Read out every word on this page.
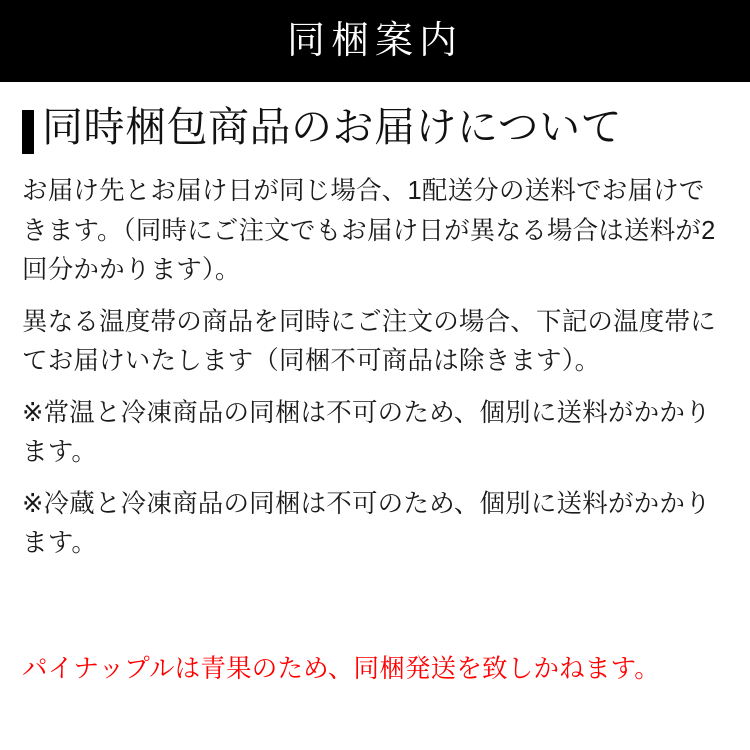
同梱案内
同時梱包商品のお届けについて

お届け先とお届け日が同じ場合、1配送分の送料でお届けできます。（同時にご注文でもお届け日が異なる場合は送料が2回分かかります）。

異なる温度帯の商品を同時にご注文の場合、下記の温度帯にてお届けいたします（同梱不可商品は除きます）。

※常温と冷凍商品の同梱は不可のため、個別に送料がかかります。

※冷蔵と冷凍商品の同梱は不可のため、個別に送料がかかります。

パイナップルは青果のため、同梱発送を致しかねます。
